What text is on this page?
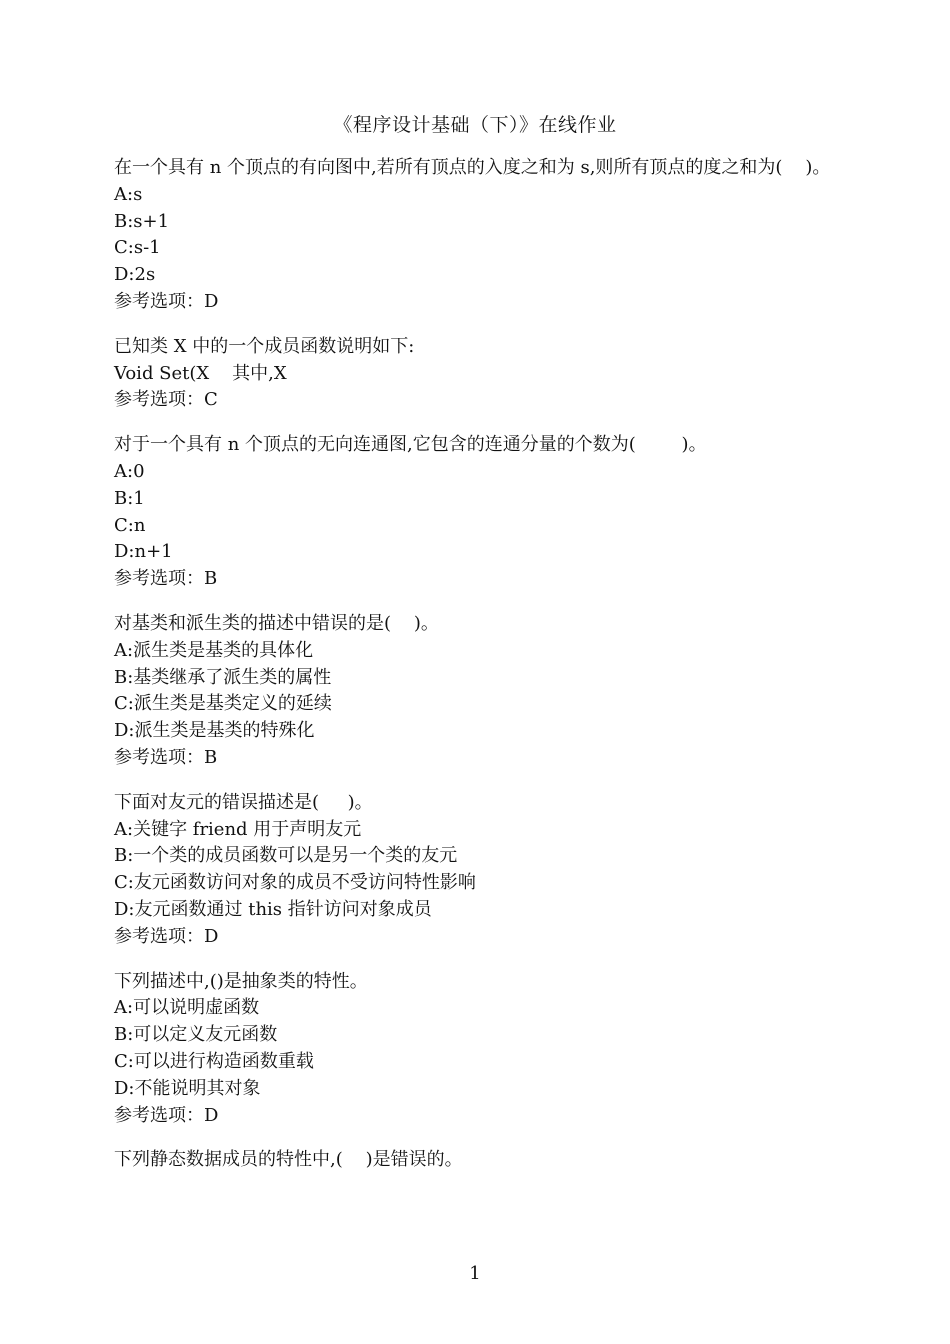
《程序设计基础（下）》在线作业
在一个具有 n 个顶点的有向图中,若所有顶点的入度之和为 s,则所有顶点的度之和为(    )。
A:s
B:s+1
C:s-1
D:2s
参考选项：D
已知类 X 中的一个成员函数说明如下:
Void Set(X    其中,X
参考选项：C
对于一个具有 n 个顶点的无向连通图,它包含的连通分量的个数为(        )。
A:0
B:1
C:n
D:n+1
参考选项：B
对基类和派生类的描述中错误的是(    )。
A:派生类是基类的具体化
B:基类继承了派生类的属性
C:派生类是基类定义的延续
D:派生类是基类的特殊化
参考选项：B
下面对友元的错误描述是(     )。
A:关键字 friend 用于声明友元
B:一个类的成员函数可以是另一个类的友元
C:友元函数访问对象的成员不受访问特性影响
D:友元函数通过 this 指针访问对象成员
参考选项：D
下列描述中,()是抽象类的特性。
A:可以说明虚函数
B:可以定义友元函数
C:可以进行构造函数重载
D:不能说明其对象
参考选项：D
下列静态数据成员的特性中,(    )是错误的。
1
